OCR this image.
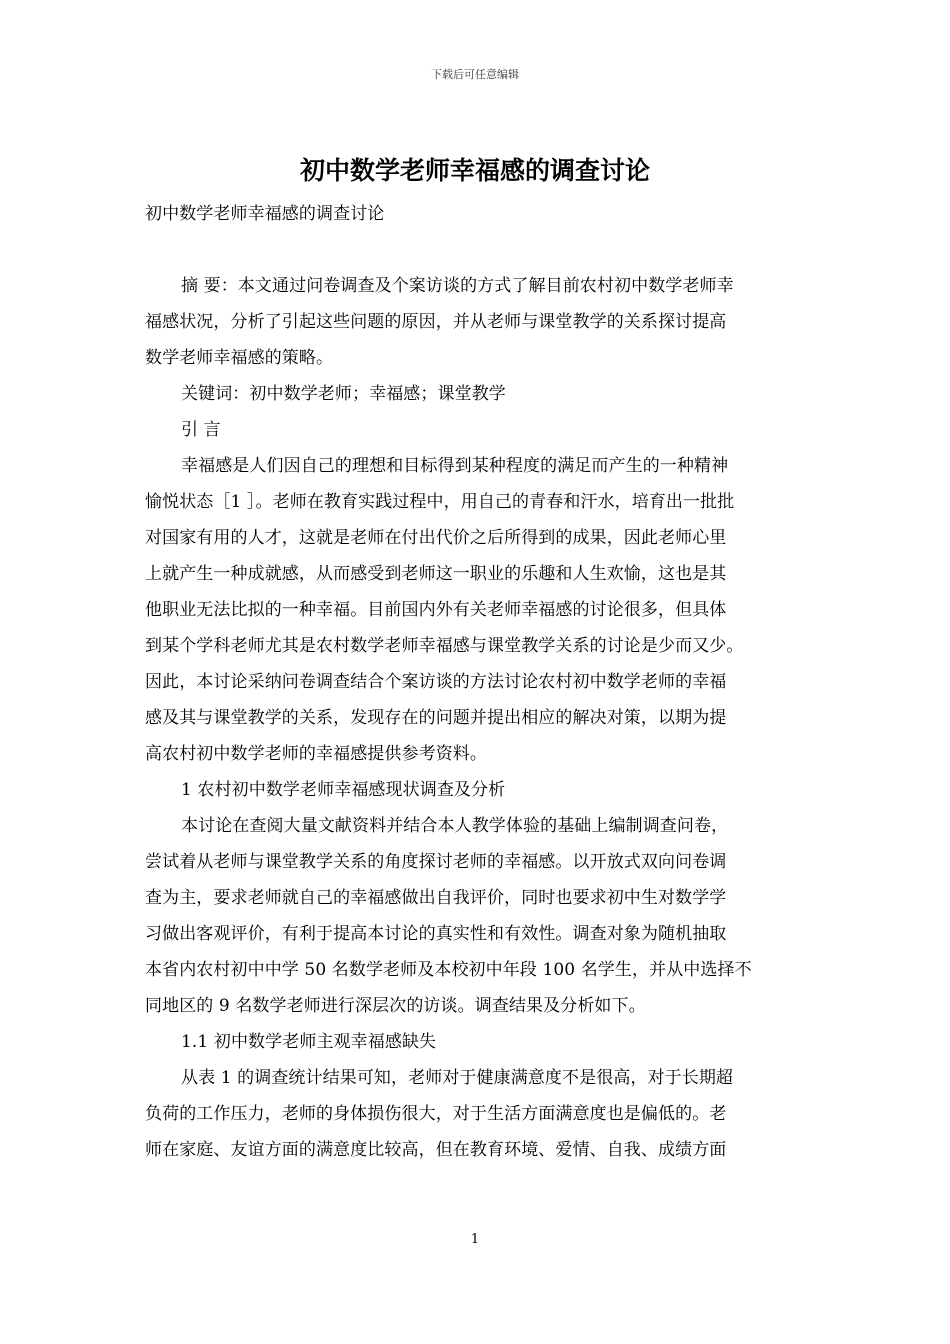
下载后可任意编辑
初中数学老师幸福感的调查讨论
初中数学老师幸福感的调查讨论

摘 要：本文通过问卷调查及个案访谈的方式了解目前农村初中数学老师幸
福感状况，分析了引起这些问题的原因，并从老师与课堂教学的关系探讨提高
数学老师幸福感的策略。

关键词：初中数学老师；幸福感；课堂教学

引 言

幸福感是人们因自己的理想和目标得到某种程度的满足而产生的一种精神
愉悦状态［1 ］。老师在教育实践过程中，用自己的青春和汗水，培育出一批批
对国家有用的人才，这就是老师在付出代价之后所得到的成果，因此老师心里
上就产生一种成就感，从而感受到老师这一职业的乐趣和人生欢愉，这也是其
他职业无法比拟的一种幸福。目前国内外有关老师幸福感的讨论很多，但具体
到某个学科老师尤其是农村数学老师幸福感与课堂教学关系的讨论是少而又少。
因此，本讨论采纳问卷调查结合个案访谈的方法讨论农村初中数学老师的幸福
感及其与课堂教学的关系，发现存在的问题并提出相应的解决对策，以期为提
高农村初中数学老师的幸福感提供参考资料。

1 农村初中数学老师幸福感现状调查及分析

本讨论在查阅大量文献资料并结合本人教学体验的基础上编制调查问卷，
尝试着从老师与课堂教学关系的角度探讨老师的幸福感。以开放式双向问卷调
查为主，要求老师就自己的幸福感做出自我评价，同时也要求初中生对数学学
习做出客观评价，有利于提高本讨论的真实性和有效性。调查对象为随机抽取
本省内农村初中中学 50 名数学老师及本校初中年段 100 名学生，并从中选择不
同地区的 9 名数学老师进行深层次的访谈。调查结果及分析如下。

1.1 初中数学老师主观幸福感缺失

从表 1 的调查统计结果可知，老师对于健康满意度不是很高，对于长期超
负荷的工作压力，老师的身体损伤很大，对于生活方面满意度也是偏低的。老
师在家庭、友谊方面的满意度比较高，但在教育环境、爱情、自我、成绩方面

1
